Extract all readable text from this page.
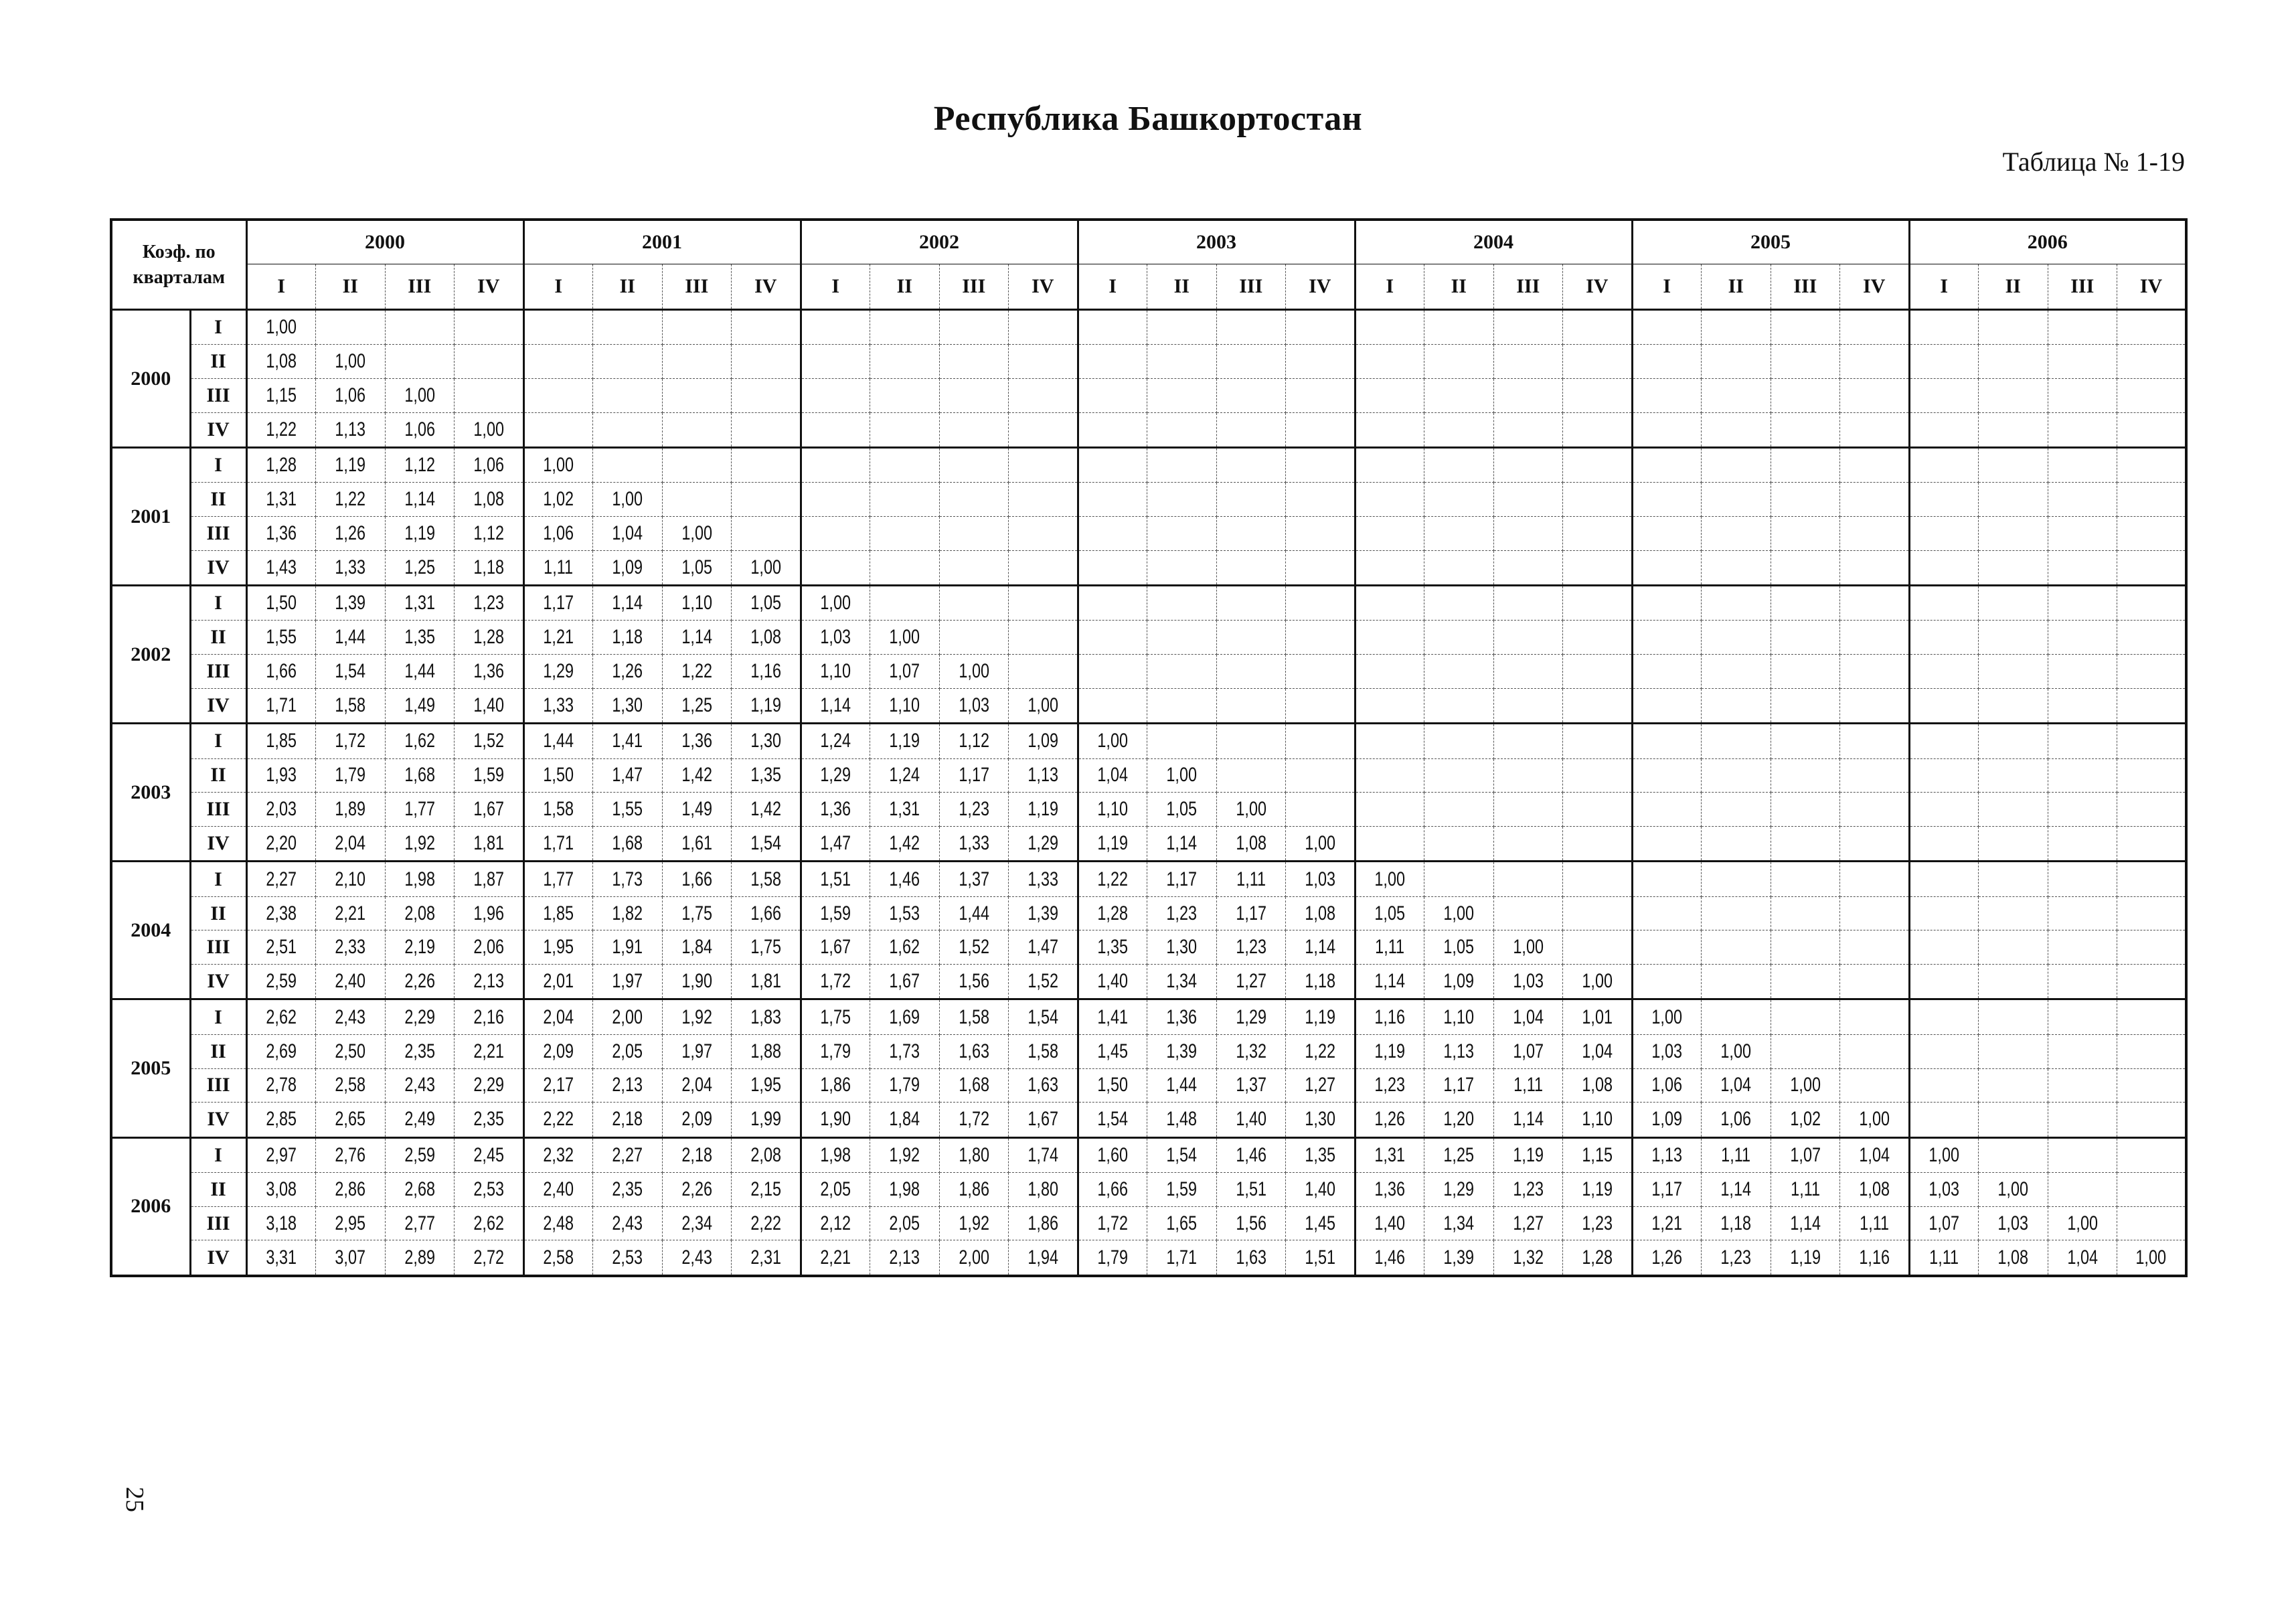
Республика Башкортостан
Таблица № 1-19
25
Коэф. по кварталам		2000				2001				2002				2003				2004				2005				2006			
		I	II	III	IV	I	II	III	IV	I	II	III	IV	I	II	III	IV	I	II	III	IV	I	II	III	IV	I	II	III	IV
2000	I	1,00																											
	II	1,08	1,00																										
	III	1,15	1,06	1,00																									
	IV	1,22	1,13	1,06	1,00																								
2001	I	1,28	1,19	1,12	1,06	1,00																							
	II	1,31	1,22	1,14	1,08	1,02	1,00																						
	III	1,36	1,26	1,19	1,12	1,06	1,04	1,00																					
	IV	1,43	1,33	1,25	1,18	1,11	1,09	1,05	1,00																				
2002	I	1,50	1,39	1,31	1,23	1,17	1,14	1,10	1,05	1,00																			
	II	1,55	1,44	1,35	1,28	1,21	1,18	1,14	1,08	1,03	1,00																		
	III	1,66	1,54	1,44	1,36	1,29	1,26	1,22	1,16	1,10	1,07	1,00																	
	IV	1,71	1,58	1,49	1,40	1,33	1,30	1,25	1,19	1,14	1,10	1,03	1,00																
2003	I	1,85	1,72	1,62	1,52	1,44	1,41	1,36	1,30	1,24	1,19	1,12	1,09	1,00															
	II	1,93	1,79	1,68	1,59	1,50	1,47	1,42	1,35	1,29	1,24	1,17	1,13	1,04	1,00														
	III	2,03	1,89	1,77	1,67	1,58	1,55	1,49	1,42	1,36	1,31	1,23	1,19	1,10	1,05	1,00													
	IV	2,20	2,04	1,92	1,81	1,71	1,68	1,61	1,54	1,47	1,42	1,33	1,29	1,19	1,14	1,08	1,00												
2004	I	2,27	2,10	1,98	1,87	1,77	1,73	1,66	1,58	1,51	1,46	1,37	1,33	1,22	1,17	1,11	1,03	1,00											
	II	2,38	2,21	2,08	1,96	1,85	1,82	1,75	1,66	1,59	1,53	1,44	1,39	1,28	1,23	1,17	1,08	1,05	1,00										
	III	2,51	2,33	2,19	2,06	1,95	1,91	1,84	1,75	1,67	1,62	1,52	1,47	1,35	1,30	1,23	1,14	1,11	1,05	1,00									
	IV	2,59	2,40	2,26	2,13	2,01	1,97	1,90	1,81	1,72	1,67	1,56	1,52	1,40	1,34	1,27	1,18	1,14	1,09	1,03	1,00								
2005	I	2,62	2,43	2,29	2,16	2,04	2,00	1,92	1,83	1,75	1,69	1,58	1,54	1,41	1,36	1,29	1,19	1,16	1,10	1,04	1,01	1,00							
	II	2,69	2,50	2,35	2,21	2,09	2,05	1,97	1,88	1,79	1,73	1,63	1,58	1,45	1,39	1,32	1,22	1,19	1,13	1,07	1,04	1,03	1,00						
	III	2,78	2,58	2,43	2,29	2,17	2,13	2,04	1,95	1,86	1,79	1,68	1,63	1,50	1,44	1,37	1,27	1,23	1,17	1,11	1,08	1,06	1,04	1,00					
	IV	2,85	2,65	2,49	2,35	2,22	2,18	2,09	1,99	1,90	1,84	1,72	1,67	1,54	1,48	1,40	1,30	1,26	1,20	1,14	1,10	1,09	1,06	1,02	1,00				
2006	I	2,97	2,76	2,59	2,45	2,32	2,27	2,18	2,08	1,98	1,92	1,80	1,74	1,60	1,54	1,46	1,35	1,31	1,25	1,19	1,15	1,13	1,11	1,07	1,04	1,00			
	II	3,08	2,86	2,68	2,53	2,40	2,35	2,26	2,15	2,05	1,98	1,86	1,80	1,66	1,59	1,51	1,40	1,36	1,29	1,23	1,19	1,17	1,14	1,11	1,08	1,03	1,00		
	III	3,18	2,95	2,77	2,62	2,48	2,43	2,34	2,22	2,12	2,05	1,92	1,86	1,72	1,65	1,56	1,45	1,40	1,34	1,27	1,23	1,21	1,18	1,14	1,11	1,07	1,03	1,00	
	IV	3,31	3,07	2,89	2,72	2,58	2,53	2,43	2,31	2,21	2,13	2,00	1,94	1,79	1,71	1,63	1,51	1,46	1,39	1,32	1,28	1,26	1,23	1,19	1,16	1,11	1,08	1,04	1,00
